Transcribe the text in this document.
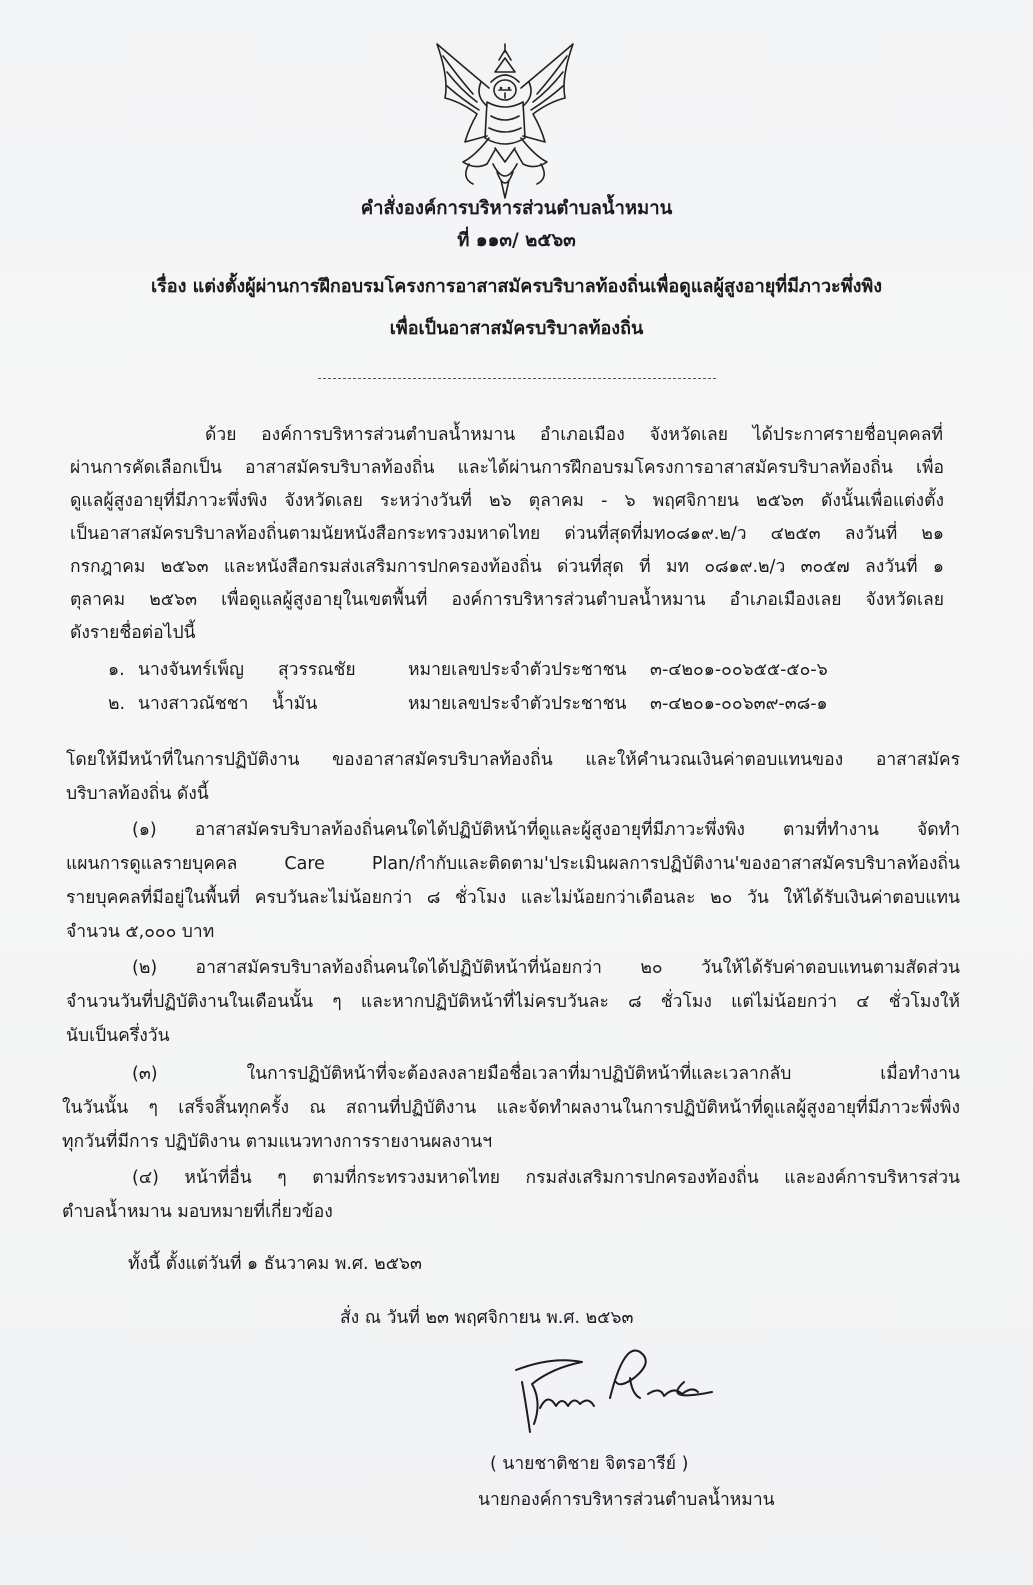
คำสั่งองค์การบริหารส่วนตำบลน้ำหมาน
ที่ ๑๑๓/ ๒๕๖๓
เรื่อง แต่งตั้งผู้ผ่านการฝึกอบรมโครงการอาสาสมัครบริบาลท้องถิ่นเพื่อดูแลผู้สูงอายุที่มีภาวะพึ่งพิง
เพื่อเป็นอาสาสมัครบริบาลท้องถิ่น
ด้วย องค์การบริหารส่วนตำบลน้ำหมาน อำเภอเมือง จังหวัดเลย ได้ประกาศรายชื่อบุคคลที่
ผ่านการคัดเลือกเป็น อาสาสมัครบริบาลท้องถิ่น และได้ผ่านการฝึกอบรมโครงการอาสาสมัครบริบาลท้องถิ่น เพื่อ
ดูแลผู้สูงอายุที่มีภาวะพึ่งพิง จังหวัดเลย ระหว่างวันที่ ๒๖ ตุลาคม - ๖ พฤศจิกายน ๒๕๖๓ ดังนั้นเพื่อแต่งตั้ง
เป็นอาสาสมัครบริบาลท้องถิ่นตามนัยหนังสือกระทรวงมหาดไทย ด่วนที่สุดที่มท๐๘๑๙.๒/ว ๔๒๕๓ ลงวันที่ ๒๑
กรกฎาคม ๒๕๖๓ และหนังสือกรมส่งเสริมการปกครองท้องถิ่น ด่วนที่สุด ที่ มท ๐๘๑๙.๒/ว ๓๐๕๗ ลงวันที่ ๑
ตุลาคม ๒๕๖๓ เพื่อดูแลผู้สูงอายุในเขตพื้นที่ องค์การบริหารส่วนตำบลน้ำหมาน อำเภอเมืองเลย จังหวัดเลย
ดังรายชื่อต่อไปนี้
๑. นางจันทร์เพ็ญ สุวรรณชัย	หมายเลขประจำตัวประชาชน ๓-๔๒๐๑-๐๐๖๕๕-๕๐-๖
๒. นางสาวณัชชา น้ำมัน	หมายเลขประจำตัวประชาชน ๓-๔๒๐๑-๐๐๖๓๙-๓๘-๑
โดยให้มีหน้าที่ในการปฏิบัติงาน ของอาสาสมัครบริบาลท้องถิ่น และให้คำนวณเงินค่าตอบแทนของ อาสาสมัคร
บริบาลท้องถิ่น ดังนี้
(๑) อาสาสมัครบริบาลท้องถิ่นคนใดได้ปฏิบัติหน้าที่ดูและผู้สูงอายุที่มีภาวะพึ่งพิง ตามที่ทำงาน จัดทำ
แผนการดูแลรายบุคคล Care Plan/กำกับและติดตาม'ประเมินผลการปฏิบัติงาน'ของอาสาสมัครบริบาลท้องถิ่น
รายบุคคลที่มีอยู่ในพื้นที่ ครบวันละไม่น้อยกว่า ๘ ชั่วโมง และไม่น้อยกว่าเดือนละ ๒๐ วัน ให้ได้รับเงินค่าตอบแทน
จำนวน ๕,๐๐๐ บาท
(๒) อาสาสมัครบริบาลท้องถิ่นคนใดได้ปฏิบัติหน้าที่น้อยกว่า ๒๐ วันให้ได้รับค่าตอบแทนตามสัดส่วน
จำนวนวันที่ปฏิบัติงานในเดือนนั้น ๆ และหากปฏิบัติหน้าที่ไม่ครบวันละ ๘ ชั่วโมง แต่ไม่น้อยกว่า ๔ ชั่วโมงให้
นับเป็นครึ่งวัน
(๓) ในการปฏิบัติหน้าที่จะต้องลงลายมือชื่อเวลาที่มาปฏิบัติหน้าที่และเวลากลับ เมื่อทำงาน
ในวันนั้น ๆ เสร็จสิ้นทุกครั้ง ณ สถานที่ปฏิบัติงาน และจัดทำผลงานในการปฏิบัติหน้าที่ดูแลผู้สูงอายุที่มีภาวะพึ่งพิง
ทุกวันที่มีการ ปฏิบัติงาน ตามแนวทางการรายงานผลงานฯ
(๔) หน้าที่อื่น ๆ ตามที่กระทรวงมหาดไทย กรมส่งเสริมการปกครองท้องถิ่น และองค์การบริหารส่วน
ตำบลน้ำหมาน มอบหมายที่เกี่ยวข้อง
ทั้งนี้ ตั้งแต่วันที่ ๑ ธันวาคม พ.ศ. ๒๕๖๓
สั่ง ณ วันที่ ๒๓ พฤศจิกายน พ.ศ. ๒๕๖๓
( นายชาติชาย จิตรอารีย์ )
นายกองค์การบริหารส่วนตำบลน้ำหมาน
